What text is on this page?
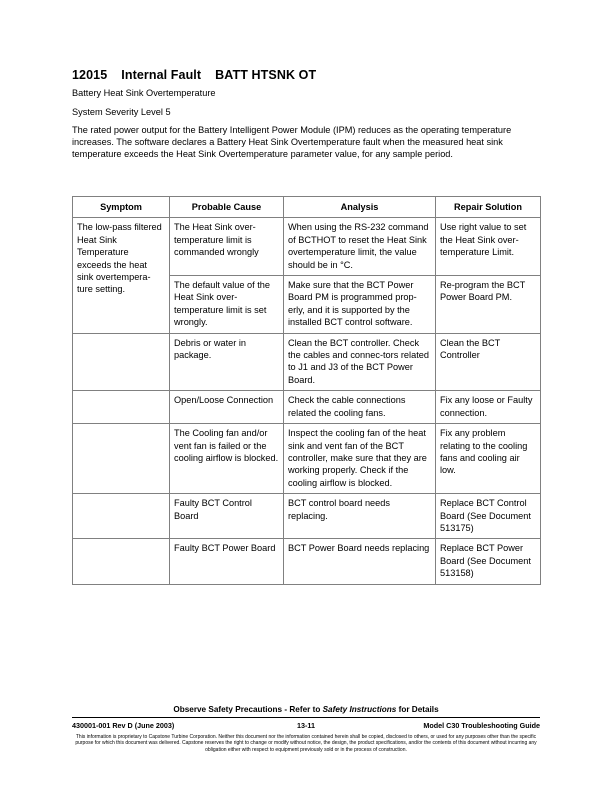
12015 Internal Fault BATT HTSNK OT

Battery Heat Sink Overtemperature

System Severity Level 5

The rated power output for the Battery Intelligent Power Module (IPM) reduces as the operating temperature increases. The software declares a Battery Heat Sink Overtemperature fault when the measured heat sink temperature exceeds the Heat Sink Overtemperature parameter value, for any sample period.

Symptom	Probable Cause	Analysis	Repair Solution
The low-pass filtered Heat Sink Temperature exceeds the heat sink overtempera-ture setting.	The Heat Sink over-temperature limit is commanded wrongly	When using the RS-232 command of BCTHOT to reset the Heat Sink overtemperature limit, the value should be in °C.	Use right value to set the Heat Sink over-temperature Limit.
	The default value of the Heat Sink over-temperature limit is set wrongly.	Make sure that the BCT Power Board PM is programmed prop-erly, and it is supported by the installed BCT control software.	Re-program the BCT Power Board PM.
	Debris or water in package.	Clean the BCT controller. Check the cables and connec-tors related to J1 and J3 of the BCT Power Board.	Clean the BCT Controller
	Open/Loose Connection	Check the cable connections related the cooling fans.	Fix any loose or Faulty connection.
	The Cooling fan and/or vent fan is failed or the cooling airflow is blocked.	Inspect the cooling fan of the heat sink and vent fan of the BCT controller, make sure that they are working properly. Check if the cooling airflow is blocked.	Fix any problem relating to the cooling fans and cooling air low.
	Faulty BCT Control Board	BCT control board needs replacing.	Replace BCT Control Board (See Document 513175)
	Faulty BCT Power Board	BCT Power Board needs replacing	Replace BCT Power Board (See Document 513158)

Observe Safety Precautions - Refer to Safety Instructions for Details

430001-001 Rev D (June 2003)	13-11	Model C30 Troubleshooting Guide

This information is proprietary to Capstone Turbine Corporation. Neither this document nor the information contained herein shall be copied, disclosed to others, or used for any purposes other than the specific purpose for which this document was delivered. Capstone reserves the right to change or modify without notice, the design, the product specifications, and/or the contents of this document without incurring any obligation either with respect to equipment previously sold or in the process of construction.
